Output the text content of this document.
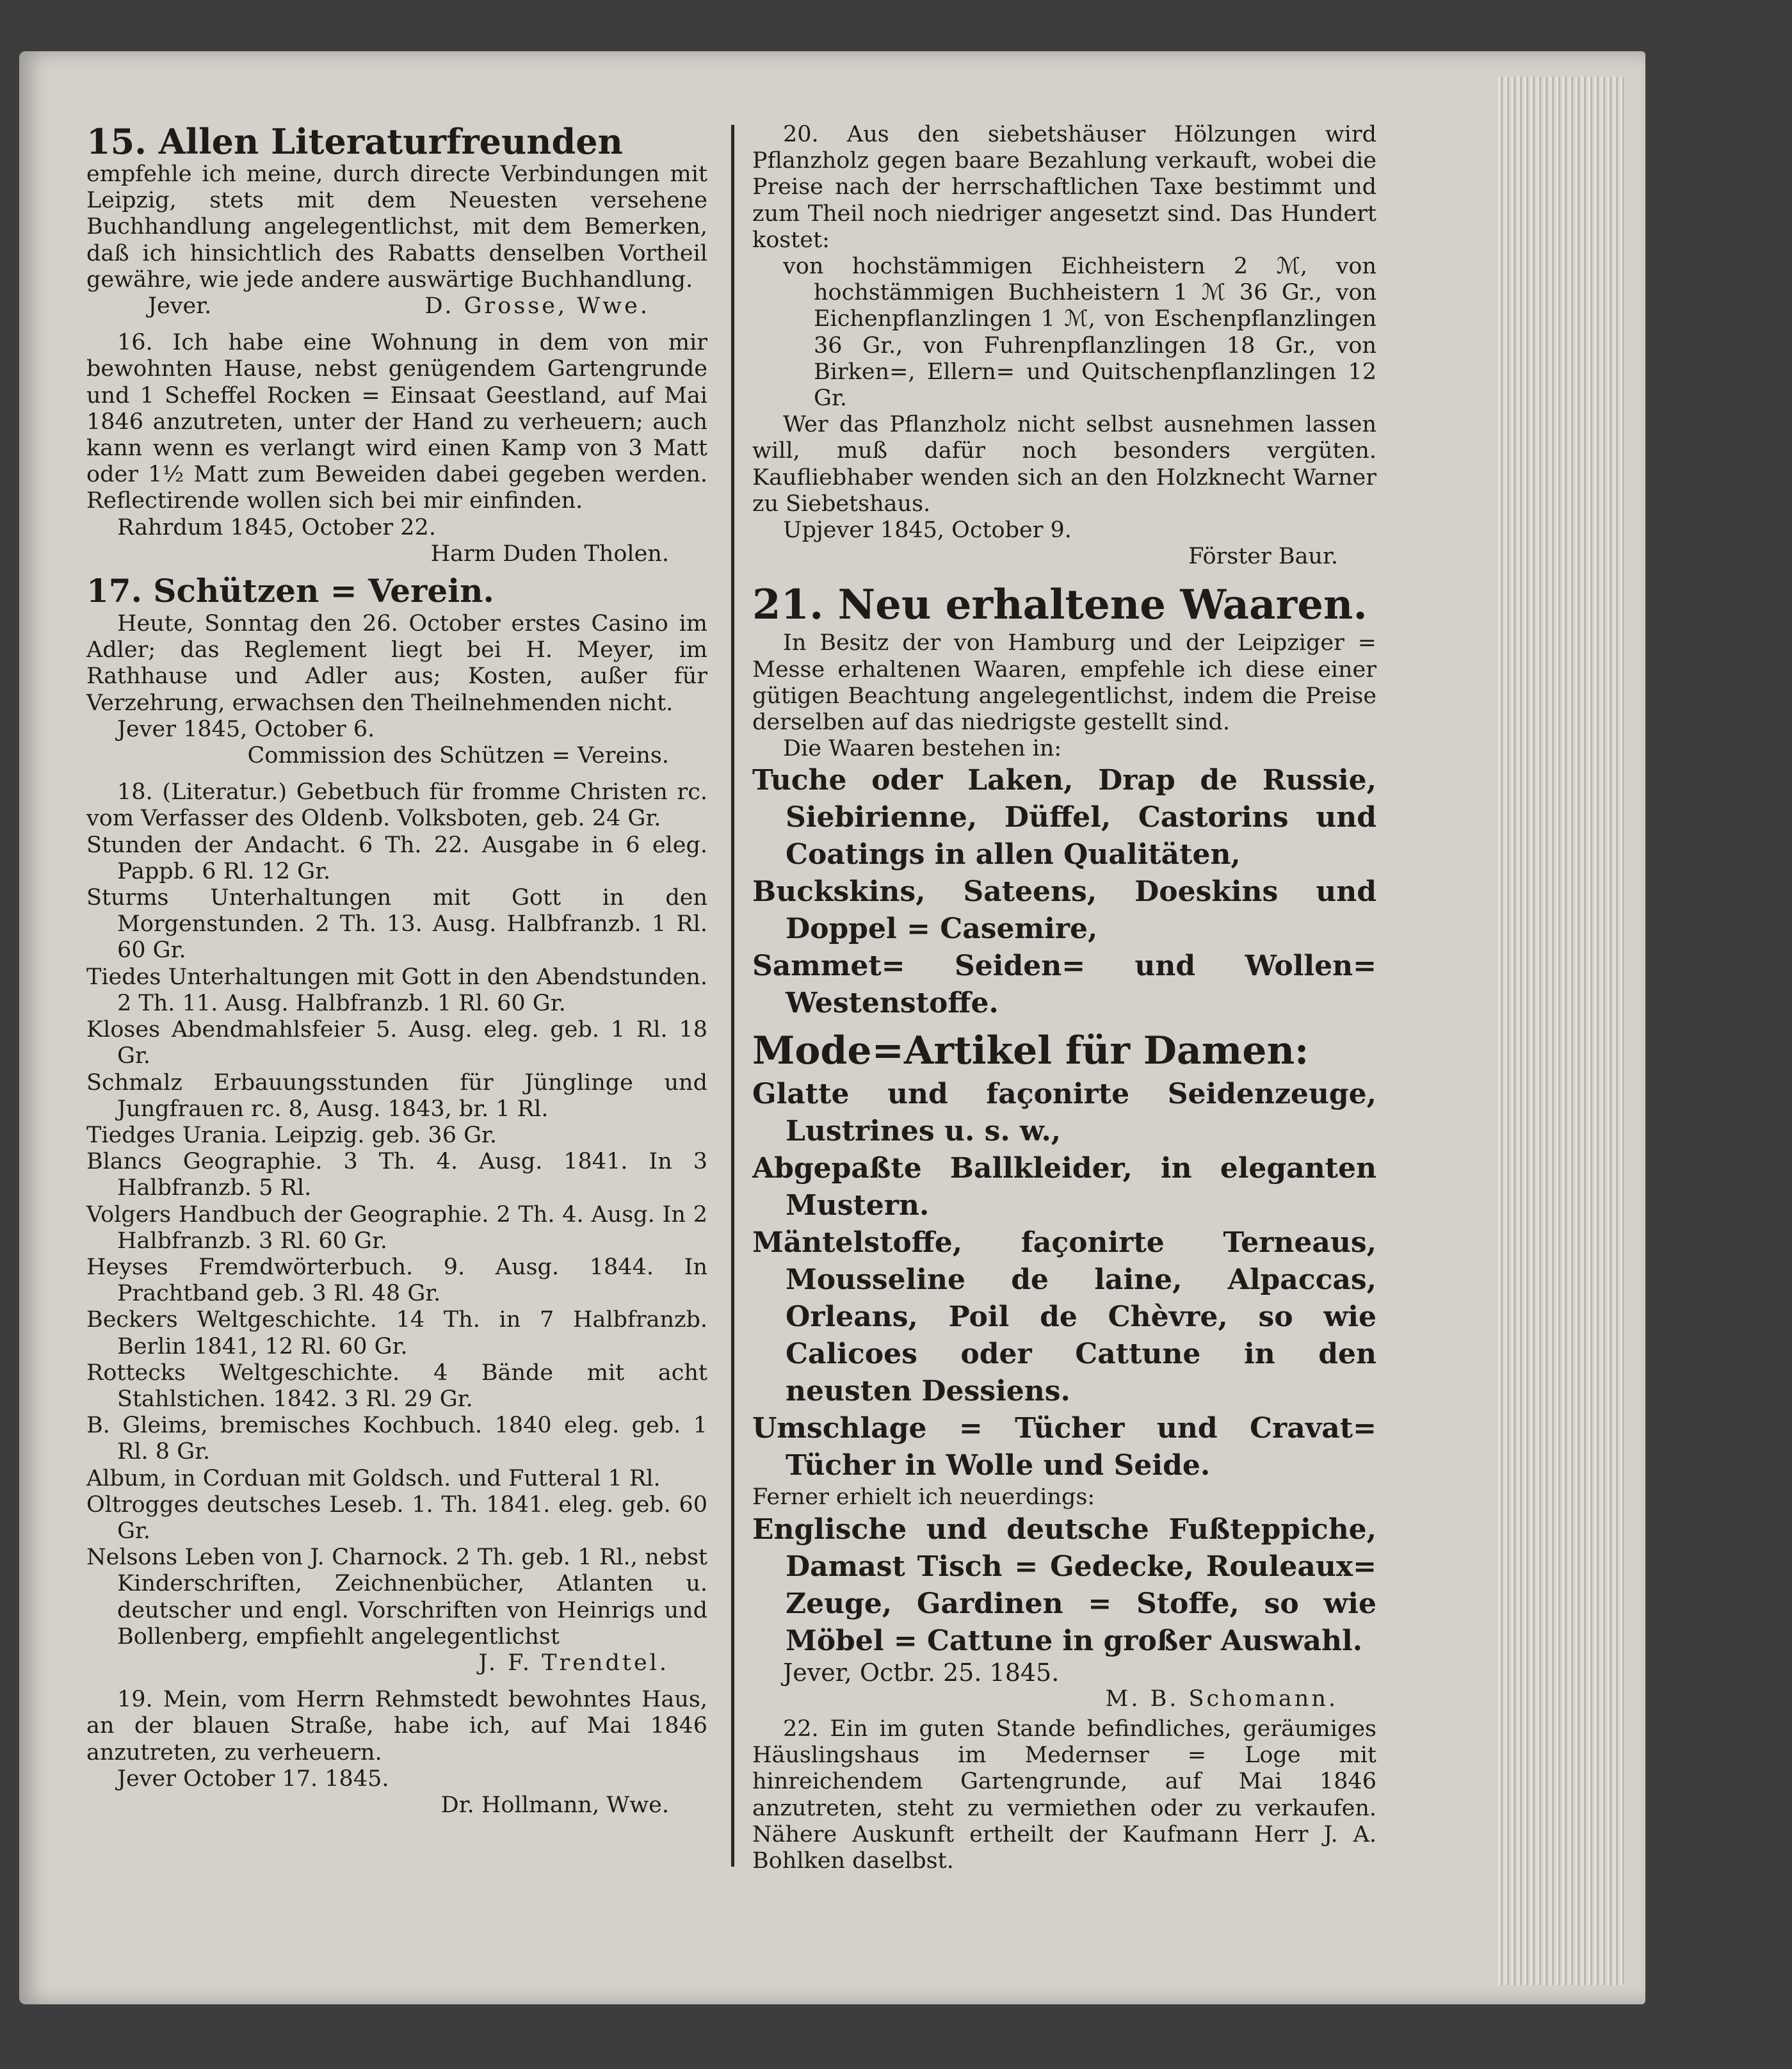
15. Allen Literaturfreunden

empfehle ich meine, durch directe Verbindungen mit Leipzig, stets mit dem Neuesten versehene Buchhandlung angelegentlichst, mit dem Bemerken, daß ich hinsichtlich des Rabatts denselben Vortheil gewähre, wie jede andere auswärtige Buchhandlung.

Jever.	D. Grosse, Wwe.

16. Ich habe eine Wohnung in dem von mir bewohnten Hause, nebst genügendem Gartengrunde und 1 Scheffel Rocken = Einsaat Geestland, auf Mai 1846 anzutreten, unter der Hand zu verheuern; auch kann wenn es verlangt wird einen Kamp von 3 Matt oder 1½ Matt zum Beweiden dabei gegeben werden. Reflectirende wollen sich bei mir einfinden.

Rahrdum 1845, October 22.

Harm Duden Tholen.

17. Schützen = Verein.

Heute, Sonntag den 26. October erstes Casino im Adler; das Reglement liegt bei H. Meyer, im Rathhause und Adler aus; Kosten, außer für Verzehrung, erwachsen den Theilnehmenden nicht.

Jever 1845, October 6.

Commission des Schützen = Vereins.

18. (Literatur.) Gebetbuch für fromme Christen rc. vom Verfasser des Oldenb. Volksboten, geb. 24 Gr.

Stunden der Andacht. 6 Th. 22. Ausgabe in 6 eleg. Pappb. 6 Rl. 12 Gr.

Sturms Unterhaltungen mit Gott in den Morgenstunden. 2 Th. 13. Ausg. Halbfranzb. 1 Rl. 60 Gr.

Tiedes Unterhaltungen mit Gott in den Abendstunden. 2 Th. 11. Ausg. Halbfranzb. 1 Rl. 60 Gr.

Kloses Abendmahlsfeier 5. Ausg. eleg. geb. 1 Rl. 18 Gr.

Schmalz Erbauungsstunden für Jünglinge und Jungfrauen rc. 8, Ausg. 1843, br. 1 Rl.

Tiedges Urania. Leipzig. geb. 36 Gr.

Blancs Geographie. 3 Th. 4. Ausg. 1841. In 3 Halbfranzb. 5 Rl.

Volgers Handbuch der Geographie. 2 Th. 4. Ausg. In 2 Halbfranzb. 3 Rl. 60 Gr.

Heyses Fremdwörterbuch. 9. Ausg. 1844. In Prachtband geb. 3 Rl. 48 Gr.

Beckers Weltgeschichte. 14 Th. in 7 Halbfranzb. Berlin 1841, 12 Rl. 60 Gr.

Rottecks Weltgeschichte. 4 Bände mit acht Stahlstichen. 1842. 3 Rl. 29 Gr.

B. Gleims, bremisches Kochbuch. 1840 eleg. geb. 1 Rl. 8 Gr.

Album, in Corduan mit Goldsch. und Futteral 1 Rl.

Oltrogges deutsches Leseb. 1. Th. 1841. eleg. geb. 60 Gr.

Nelsons Leben von J. Charnock. 2 Th. geb. 1 Rl., nebst Kinderschriften, Zeichnenbücher, Atlanten u. deutscher und engl. Vorschriften von Heinrigs und Bollenberg, empfiehlt angelegentlichst

J. F. Trendtel.

19. Mein, vom Herrn Rehmstedt bewohntes Haus, an der blauen Straße, habe ich, auf Mai 1846 anzutreten, zu verheuern.

Jever October 17. 1845.

Dr. Hollmann, Wwe.

20. Aus den siebetshäuser Hölzungen wird Pflanzholz gegen baare Bezahlung verkauft, wobei die Preise nach der herrschaftlichen Taxe bestimmt und zum Theil noch niedriger angesetzt sind. Das Hundert kostet:

von hochstämmigen Eichheistern 2 ℳ, von hochstämmigen Buchheistern 1 ℳ 36 Gr., von Eichenpflanzlingen 1 ℳ, von Eschenpflanzlingen 36 Gr., von Fuhrenpflanzlingen 18 Gr., von Birken=, Ellern= und Quitschenpflanzlingen 12 Gr.

Wer das Pflanzholz nicht selbst ausnehmen lassen will, muß dafür noch besonders vergüten. Kaufliebhaber wenden sich an den Holzknecht Warner zu Siebetshaus.

Upjever 1845, October 9.

Förster Baur.

21. Neu erhaltene Waaren.

In Besitz der von Hamburg und der Leipziger = Messe erhaltenen Waaren, empfehle ich diese einer gütigen Beachtung angelegentlichst, indem die Preise derselben auf das niedrigste gestellt sind.

Die Waaren bestehen in:

Tuche oder Laken, Drap de Russie, Siebirienne, Düffel, Castorins und Coatings in allen Qualitäten,

Buckskins, Sateens, Doeskins und Doppel = Casemire,

Sammet= Seiden= und Wollen= Westenstoffe.

Mode=Artikel für Damen:

Glatte und façonirte Seidenzeuge, Lustrines u. s. w.,

Abgepaßte Ballkleider, in eleganten Mustern.

Mäntelstoffe, façonirte Terneaus, Mousseline de laine, Alpaccas, Orleans, Poil de Chèvre, so wie Calicoes oder Cattune in den neusten Dessiens.

Umschlage = Tücher und Cravat= Tücher in Wolle und Seide.

Ferner erhielt ich neuerdings:

Englische und deutsche Fußteppiche, Damast Tisch = Gedecke, Rouleaux= Zeuge, Gardinen = Stoffe, so wie Möbel = Cattune in großer Auswahl.

Jever, Octbr. 25. 1845.

M. B. Schomann.

22. Ein im guten Stande befindliches, geräumiges Häuslingshaus im Medernser = Loge mit hinreichendem Gartengrunde, auf Mai 1846 anzutreten, steht zu vermiethen oder zu verkaufen. Nähere Auskunft ertheilt der Kaufmann Herr J. A. Bohlken daselbst.
